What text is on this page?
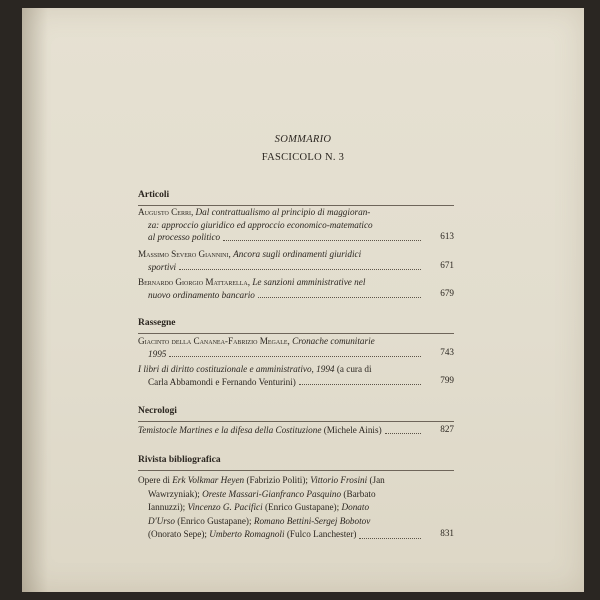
SOMMARIO
FASCICOLO N. 3
Articoli
Augusto Cerri, Dal contrattualismo al principio di maggioran-
za: approccio giuridico ed approccio economico-matematico
al processo politico	613
Massimo Severo Giannini, Ancora sugli ordinamenti giuridici
sportivi	671
Bernardo Giorgio Mattarella, Le sanzioni amministrative nel
nuovo ordinamento bancario	679
Rassegne
Giacinto della Cananea-Fabrizio Megale, Cronache comunitarie
1995	743
I libri di diritto costituzionale e amministrativo, 1994 (a cura di
Carla Abbamondi e Fernando Venturini)	799
Necrologi
Temistocle Martines e la difesa della Costituzione (Michele Ainis)	827
Rivista bibliografica
Opere di Erk Volkmar Heyen (Fabrizio Politi); Vittorio Frosini (Jan
Wawrzyniak); Oreste Massari-Gianfranco Pasquino (Barbato
Iannuzzi); Vincenzo G. Pacifici (Enrico Gustapane); Donato
D'Urso (Enrico Gustapane); Romano Bettini-Sergej Bobotov
(Onorato Sepe); Umberto Romagnoli (Fulco Lanchester)	831
